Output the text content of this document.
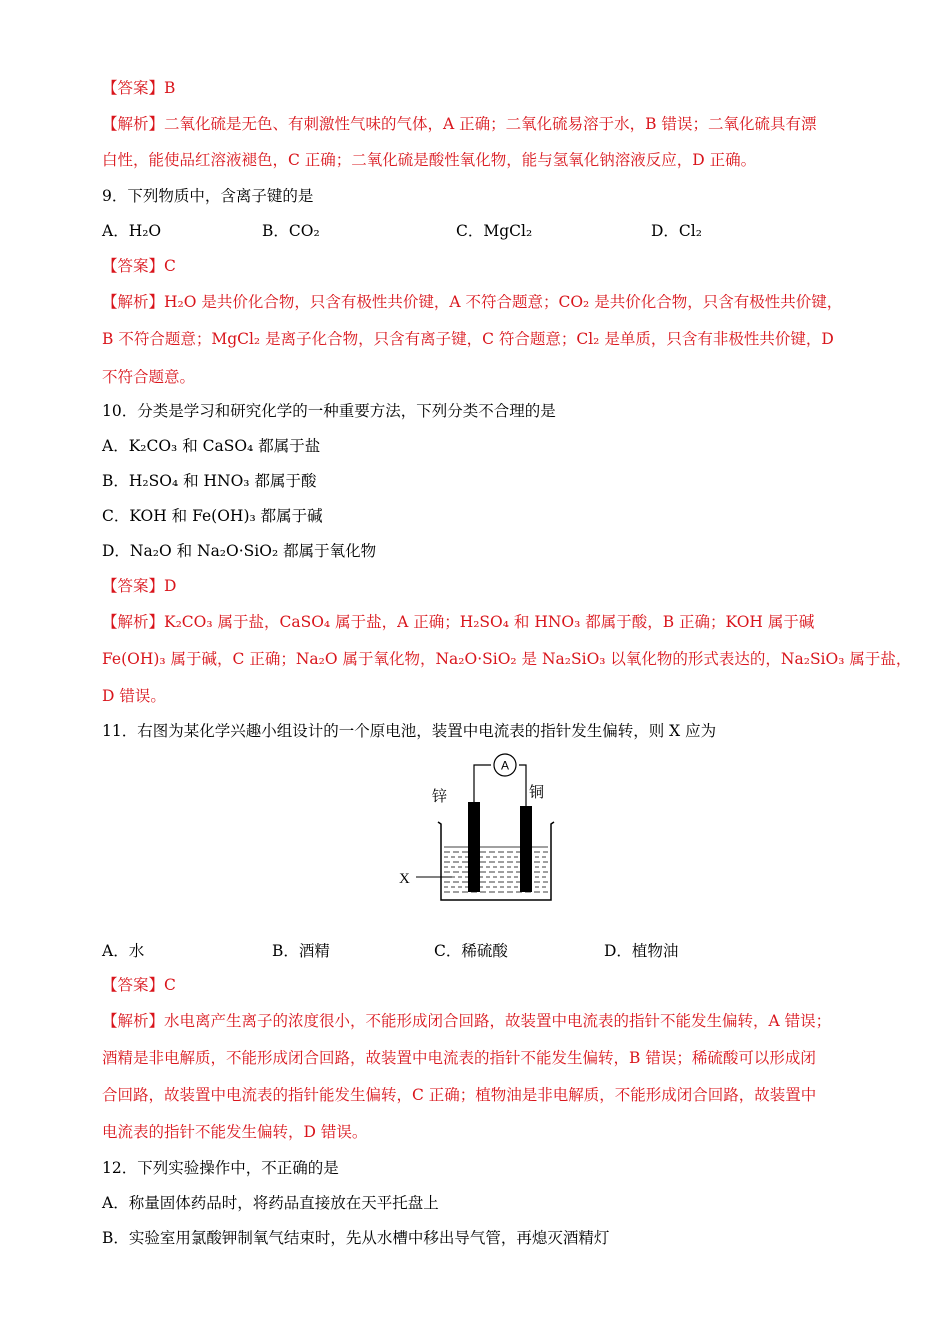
【答案】B
【解析】二氧化硫是无色、有刺激性气味的气体，A 正确；二氧化硫易溶于水，B 错误；二氧化硫具有漂
白性，能使品红溶液褪色，C 正确；二氧化硫是酸性氧化物，能与氢氧化钠溶液反应，D 正确。
9．下列物质中，含离子键的是
A．H₂O	B．CO₂	C．MgCl₂	D．Cl₂
【答案】C
【解析】H₂O 是共价化合物，只含有极性共价键，A 不符合题意；CO₂ 是共价化合物，只含有极性共价键，
B 不符合题意；MgCl₂ 是离子化合物，只含有离子键，C 符合题意；Cl₂ 是单质，只含有非极性共价键，D
不符合题意。
10．分类是学习和研究化学的一种重要方法，下列分类不合理的是
A．K₂CO₃ 和 CaSO₄ 都属于盐
B．H₂SO₄ 和 HNO₃ 都属于酸
C．KOH 和 Fe(OH)₃ 都属于碱
D．Na₂O 和 Na₂O·SiO₂ 都属于氧化物
【答案】D
【解析】K₂CO₃ 属于盐，CaSO₄ 属于盐，A 正确；H₂SO₄ 和 HNO₃ 都属于酸，B 正确；KOH 属于碱
Fe(OH)₃ 属于碱，C 正确；Na₂O 属于氧化物，Na₂O·SiO₂ 是 Na₂SiO₃ 以氧化物的形式表达的，Na₂SiO₃ 属于盐，
D 错误。
11．右图为某化学兴趣小组设计的一个原电池，装置中电流表的指针发生偏转，则 X 应为
A
锌	铜
X
A．水	B．酒精	C．稀硫酸	D．植物油
【答案】C
【解析】水电离产生离子的浓度很小，不能形成闭合回路，故装置中电流表的指针不能发生偏转，A 错误；
酒精是非电解质，不能形成闭合回路，故装置中电流表的指针不能发生偏转，B 错误；稀硫酸可以形成闭
合回路，故装置中电流表的指针能发生偏转，C 正确；植物油是非电解质，不能形成闭合回路，故装置中
电流表的指针不能发生偏转，D 错误。
12．下列实验操作中，不正确的是
A．称量固体药品时，将药品直接放在天平托盘上
B．实验室用氯酸钾制氧气结束时，先从水槽中移出导气管，再熄灭酒精灯
